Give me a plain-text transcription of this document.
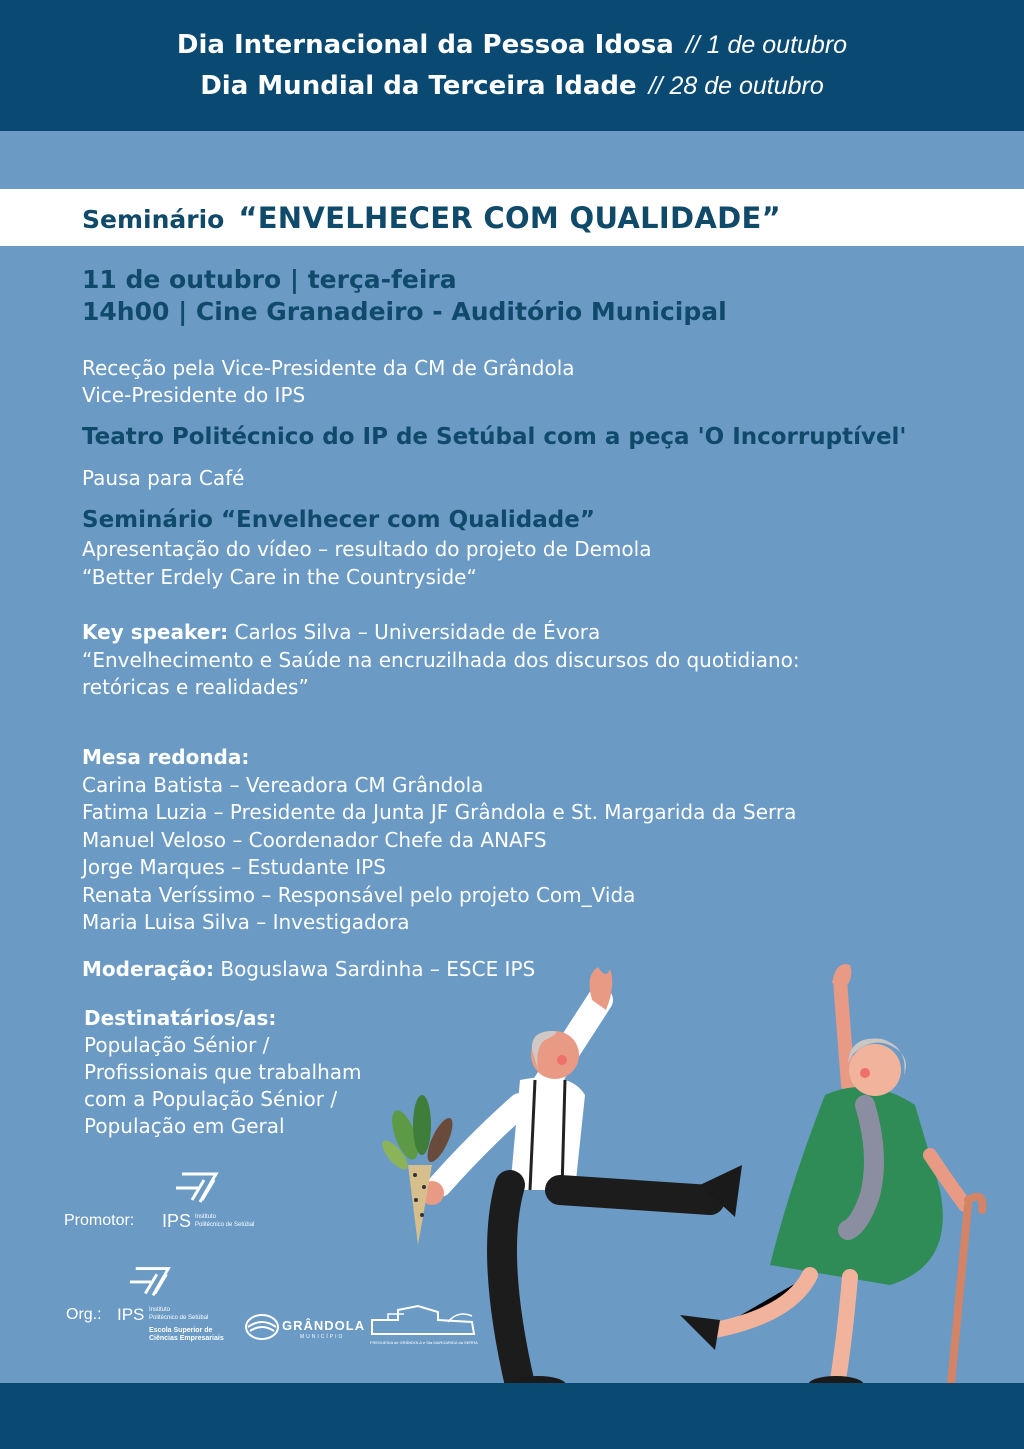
Dia Internacional da Pessoa Idosa // 1 de outubro
Dia Mundial da Terceira Idade // 28 de outubro
Seminário “ENVELHECER COM QUALIDADE”
11 de outubro | terça-feira
14h00 | Cine Granadeiro - Auditório Municipal
Receção pela Vice-Presidente da CM de Grândola
Vice-Presidente do IPS
Teatro Politécnico do IP de Setúbal com a peça 'O Incorruptível'
Pausa para Café
Seminário “Envelhecer com Qualidade”
Apresentação do vídeo – resultado do projeto de Demola
“Better Erdely Care in the Countryside“
Key speaker: Carlos Silva – Universidade de Évora
“Envelhecimento e Saúde na encruzilhada dos discursos do quotidiano:
retóricas e realidades”
Mesa redonda:
Carina Batista – Vereadora CM Grândola
Fatima Luzia – Presidente da Junta JF Grândola e St. Margarida da Serra
Manuel Veloso – Coordenador Chefe da ANAFS
Jorge Marques – Estudante IPS
Renata Veríssimo – Responsável pelo projeto Com_Vida
Maria Luisa Silva – Investigadora
Moderação: Boguslawa Sardinha – ESCE IPS
Destinatários/as:
População Sénior /
Profissionais que trabalham
com a População Sénior /
População em Geral
Promotor: IPS Instituto
Politécnico de Setúbal
Org.: IPS Instituto
Politécnico de Setúbal
Escola Superior de
Ciências Empresariais
GRÂNDOLA
MUNICÍPIO
FREGUESIA de GRÂNDOLA e Sta MARGARIDA da SERRA
